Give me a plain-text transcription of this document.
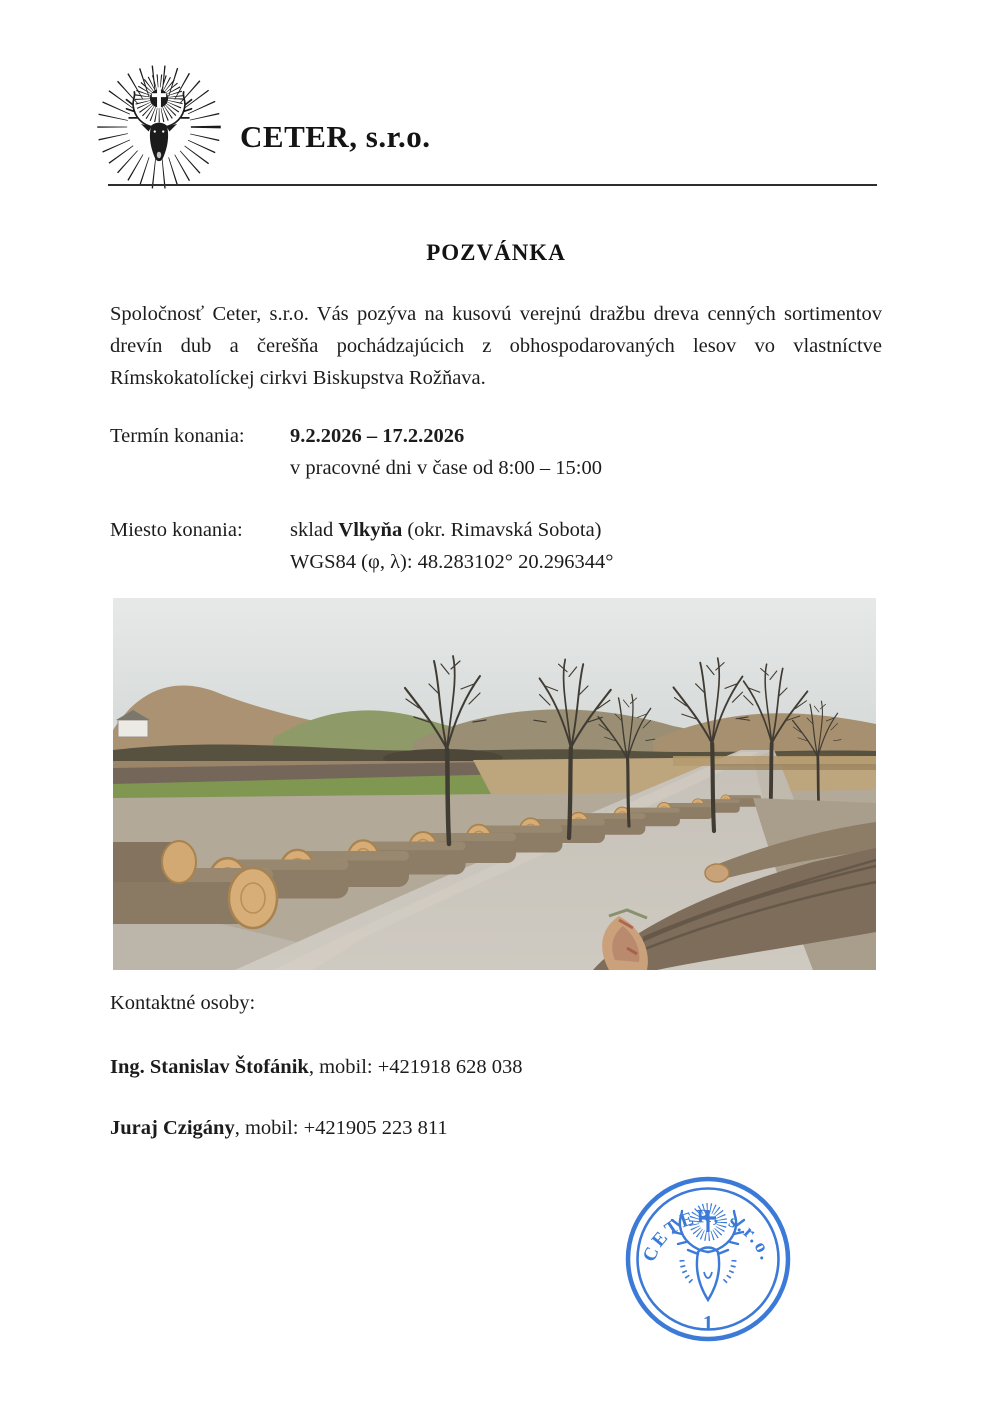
CETER, s.r.o.
POZVÁNKA

Spoločnosť Ceter, s.r.o. Vás pozýva na kusovú verejnú dražbu dreva cenných sortimentov drevín dub a čerešňa pochádzajúcich z obhospodarovaných lesov vo vlastníctve Rímskokatolíckej cirkvi Biskupstva Rožňava.

Termín konania:	9.2.2026 – 17.2.2026
v pracovné dni v čase od 8:00 – 15:00
Miesto konania:	sklad Vlkyňa (okr. Rimavská Sobota)
WGS84 (φ, λ): 48.283102° 20.296344°

Kontaktné osoby:

Ing. Stanislav Štofánik, mobil: +421918 628 038

Juraj Czigány, mobil: +421905 223 811

CETER, s.r.o.
1
